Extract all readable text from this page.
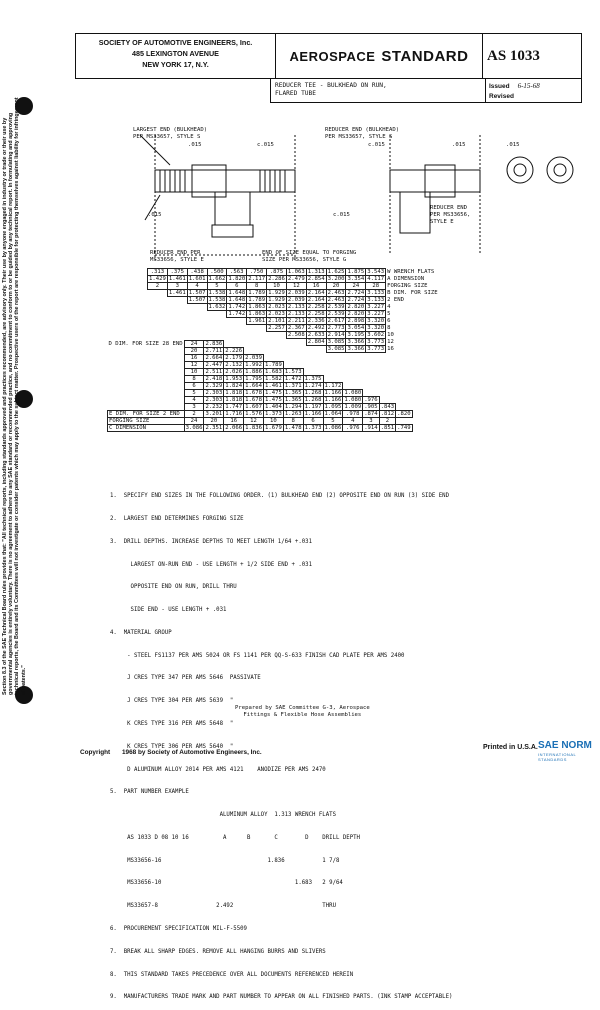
Section 8.3 of the SAE Technical Board rules provides that: "All technical reports, including standards approved and practices recommended, are advisory only. Their use by anyone engaged in industry or trade or their use by governmental agencies is entirely voluntary. There is no agreement to adhere to any SAE standard or recommended practice, and no commitment to conform to or be guided by any technical report. In formulating and approving technical reports, the Board and its Committees will not investigate or consider patents which may apply to the subject matter. Prospective users of the report are responsible for protecting themselves against liability for infringement of patents."
SOCIETY OF AUTOMOTIVE ENGINEERS, Inc.
485 LEXINGTON AVENUE
NEW YORK 17, N.Y.
AEROSPACE STANDARD	AS 1033
REDUCER TEE - BULKHEAD ON RUN,
FLARED TUBE
Issued 6-15-68
Revised
LARGEST END (BULKHEAD)
PER MS33657, STYLE S
.015	c.015
REDUCER END (BULKHEAD)
PER MS33657, STYLE S
c.015	.015	.015
.015	c.015
REDUCER END
PER MS33656,
STYLE E
REDUCER END PER
MS33656, STYLE E
END OF SIZE EQUAL TO FORGING
SIZE PER MS33656, STYLE G
.313	.375	.438	.500	.563	.750	.875	1.063	1.313	1.625	1.875	3.543	W WRENCH FLATS
1.429	1.461	1.601	1.662	1.820	2.117	2.286	2.479	2.854	3.200	3.354	4.117	A DIMENSION
2	3	4	5	6	8	10	12	16	20	24	28	FORGING SIZE
	1.461	1.507	1.538	1.648	1.789	1.929	2.039	2.164	2.463	2.724	3.133	B DIM. FOR SIZE
		1.507	1.538	1.648	1.789	1.929	2.039	2.164	2.463	2.724	3.133	2 END
			1.632	1.742	1.863	2.023	2.133	2.258	2.539	2.820	3.227	4
				1.742	1.863	2.023	2.133	2.258	2.539	2.820	3.227	5
					1.961	2.101	2.211	2.336	2.617	2.898	3.320	6
						2.257	2.367	2.492	2.773	3.054	3.320	8
							2.508	2.633	2.914	3.195	3.602	10
								2.804	3.085	3.366	3.773	12
									3.085	3.366	3.773	16
D DIM. FOR SIZE 28 END	24	2.836										
	20	2.711	2.226									
	16	2.664	2.179	2.039								
	12	2.447	2.132	1.992	1.789							
	10	2.511	2.026	1.886	1.683	1.573						
	8	2.418	1.953	1.795	1.582	1.472	1.375					
	6	2.329	1.824	1.664	1.461	1.371	1.274	1.172				
	5	2.303	1.818	1.678	1.475	1.365	1.268	1.166	1.080			
	4	2.303	1.818	1.678	1.475	1.365	1.268	1.166	1.080	.976		
	3	2.232	1.747	1.607	1.404	1.294	1.197	1.095	1.009	.905	.843	
E DIM. FOR SIZE 2 END	2	3.201	1.716	1.576	1.373	1.263	1.166	1.064	.978	.874	.812	.820
FORGING SIZE	24	20	16	12	10	8	6	5	4	3	2	
C DIMENSION	3.086	2.351	2.066	1.836	1.679	1.478	1.373	1.086	.976	.914	.851	.749

1.  SPECIFY END SIZES IN THE FOLLOWING ORDER. (1) BULKHEAD END (2) OPPOSITE END ON RUN (3) SIDE END

2.  LARGEST END DETERMINES FORGING SIZE

3.  DRILL DEPTHS. INCREASE DEPTHS TO MEET LENGTH 1/64 +.031

LARGEST ON-RUN END - USE LENGTH + 1/2 SIDE END + .031

OPPOSITE END ON RUN, DRILL THRU

SIDE END - USE LENGTH + .031

4.  MATERIAL GROUP

- STEEL FS1137 PER AMS 5024 OR FS 1141 PER QQ-S-633 FINISH CAD PLATE PER AMS 2400

J CRES TYPE 347 PER AMS 5646  PASSIVATE

J CRES TYPE 304 PER AMS 5639  "

K CRES TYPE 316 PER AMS 5648  "

K CRES TYPE 306 PER AMS 5640  "

D ALUMINUM ALLOY 2014 PER AMS 4121    ANODIZE PER AMS 2470

5.  PART NUMBER EXAMPLE

ALUMINUM ALLOY  1.313 WRENCH FLATS

AS 1033 D 08 10 16          A      B       C        D    DRILL DEPTH

MS33656-16                               1.836           1 7/8

MS33656-10                                       1.683   2 9/64

MS33657-8                 2.492                          THRU

6.  PROCUREMENT SPECIFICATION MIL-F-5509

7.  BREAK ALL SHARP EDGES. REMOVE ALL HANGING BURRS AND SLIVERS

8.  THIS STANDARD TAKES PRECEDENCE OVER ALL DOCUMENTS REFERENCED HEREIN

9.  MANUFACTURERS TRADE MARK AND PART NUMBER TO APPEAR ON ALL FINISHED PARTS. (INK STAMP ACCEPTABLE)

Prepared by SAE Committee G-3, Aerospace
Fittings & Flexible Hose Assemblies
Copyright 1968 by Society of Automotive Engineers, Inc.
Printed in U.S.A. SAE NORM
INTERNATIONAL STANDARDS
